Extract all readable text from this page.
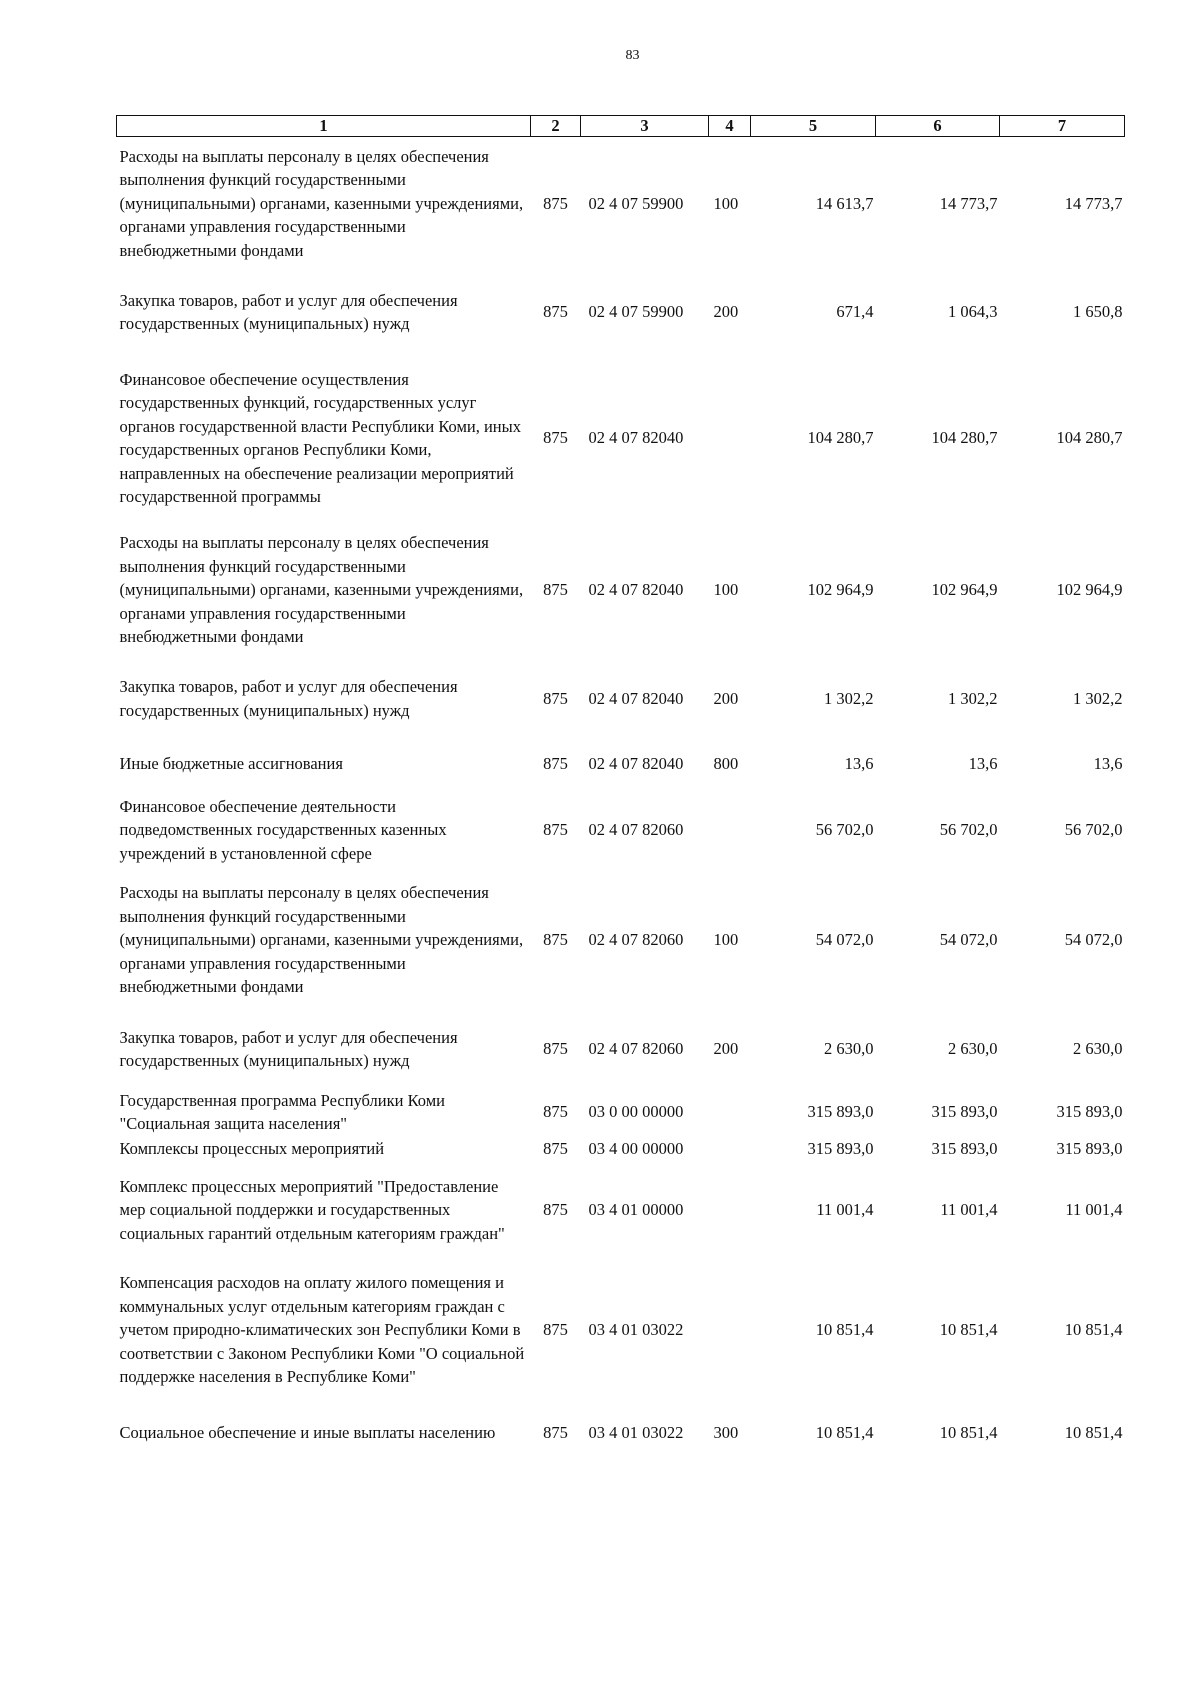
83
1	2	3	4	5	6	7
Расходы на выплаты персоналу в целях обеспечения выполнения функций государственными (муниципальными) органами, казенными учреждениями, органами управления государственными внебюджетными фондами	875	02 4 07 59900	100	14 613,7	14 773,7	14 773,7
Закупка товаров, работ и услуг для обеспечения государственных (муниципальных) нужд	875	02 4 07 59900	200	671,4	1 064,3	1 650,8
Финансовое обеспечение осуществления государственных функций, государственных услуг органов государственной власти Республики Коми, иных государственных органов Республики Коми, направленных на обеспечение реализации мероприятий государственной программы	875	02 4 07 82040		104 280,7	104 280,7	104 280,7
Расходы на выплаты персоналу в целях обеспечения выполнения функций государственными (муниципальными) органами, казенными учреждениями, органами управления государственными внебюджетными фондами	875	02 4 07 82040	100	102 964,9	102 964,9	102 964,9
Закупка товаров, работ и услуг для обеспечения государственных (муниципальных) нужд	875	02 4 07 82040	200	1 302,2	1 302,2	1 302,2
Иные бюджетные ассигнования	875	02 4 07 82040	800	13,6	13,6	13,6
Финансовое обеспечение деятельности подведомственных государственных казенных учреждений в установленной сфере	875	02 4 07 82060		56 702,0	56 702,0	56 702,0
Расходы на выплаты персоналу в целях обеспечения выполнения функций государственными (муниципальными) органами, казенными учреждениями, органами управления государственными внебюджетными фондами	875	02 4 07 82060	100	54 072,0	54 072,0	54 072,0
Закупка товаров, работ и услуг для обеспечения государственных (муниципальных) нужд	875	02 4 07 82060	200	2 630,0	2 630,0	2 630,0
Государственная программа Республики Коми "Социальная защита населения"	875	03 0 00 00000		315 893,0	315 893,0	315 893,0
Комплексы процессных мероприятий	875	03 4 00 00000		315 893,0	315 893,0	315 893,0
Комплекс процессных мероприятий "Предоставление мер социальной поддержки и государственных социальных гарантий отдельным категориям граждан"	875	03 4 01 00000		11 001,4	11 001,4	11 001,4
Компенсация расходов на оплату жилого помещения и коммунальных услуг отдельным категориям граждан с учетом природно-климатических зон Республики Коми в соответствии с Законом Республики Коми "О социальной поддержке населения в Республике Коми"	875	03 4 01 03022		10 851,4	10 851,4	10 851,4
Социальное обеспечение и иные выплаты населению	875	03 4 01 03022	300	10 851,4	10 851,4	10 851,4
